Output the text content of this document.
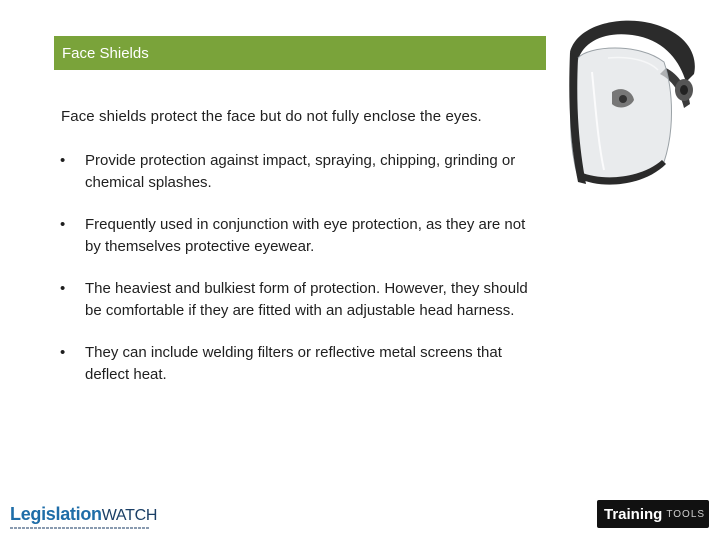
Face Shields
Face shields protect the face but do not fully enclose the eyes.
• Provide protection against impact, spraying, chipping, grinding or chemical splashes.
• Frequently used in conjunction with eye protection, as they are not by themselves protective eyewear.
• The heaviest and bulkiest form of protection. However, they should be comfortable if they are fitted with an adjustable head harness.
• They can include welding filters or reflective metal screens that deflect heat.
LegislationWATCH	Training TOOLS
